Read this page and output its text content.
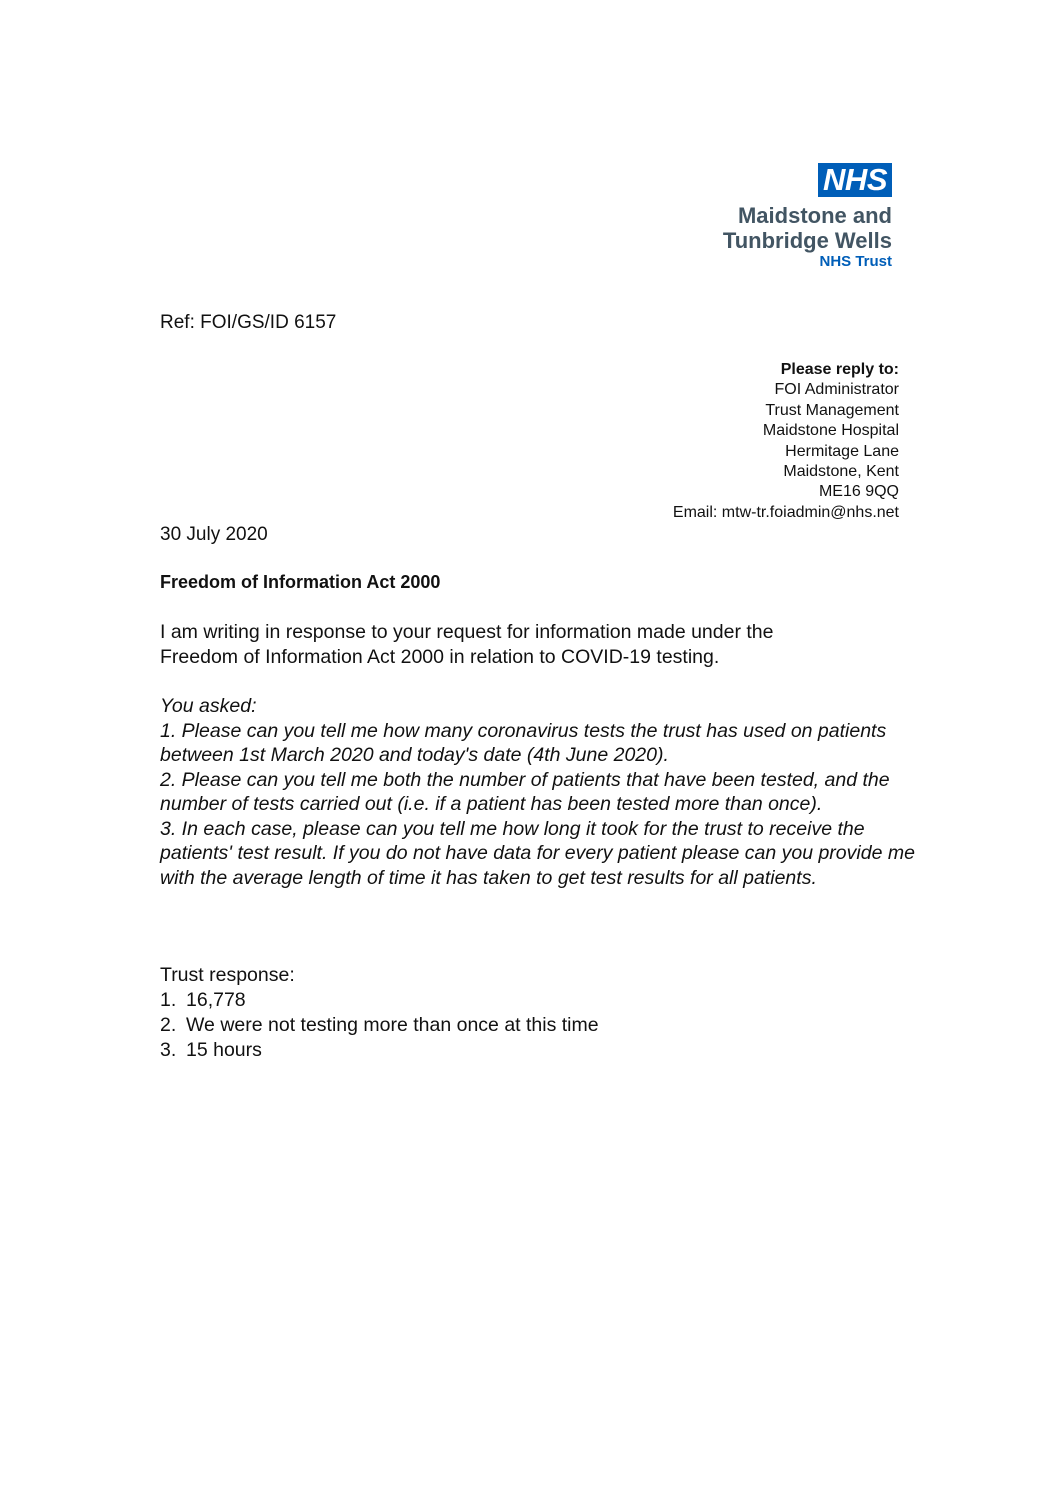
NHS
Maidstone and
Tunbridge Wells
NHS Trust
Ref: FOI/GS/ID 6157
Please reply to:
FOI Administrator
Trust Management
Maidstone Hospital
Hermitage Lane
Maidstone, Kent
ME16 9QQ
Email: mtw-tr.foiadmin@nhs.net
30 July 2020
Freedom of Information Act 2000

I am writing in response to your request for information made under the

Freedom of Information Act 2000 in relation to COVID-19 testing.

You asked:

1. Please can you tell me how many coronavirus tests the trust has used on patients between 1st March 2020 and today's date (4th June 2020).

2. Please can you tell me both the number of patients that have been tested, and the number of tests carried out (i.e. if a patient has been tested more than once).

3. In each case, please can you tell me how long it took for the trust to receive the patients' test result. If you do not have data for every patient please can you provide me with the average length of time it has taken to get test results for all patients.

Trust response:
1. 16,778
2. We were not testing more than once at this time
3. 15 hours
